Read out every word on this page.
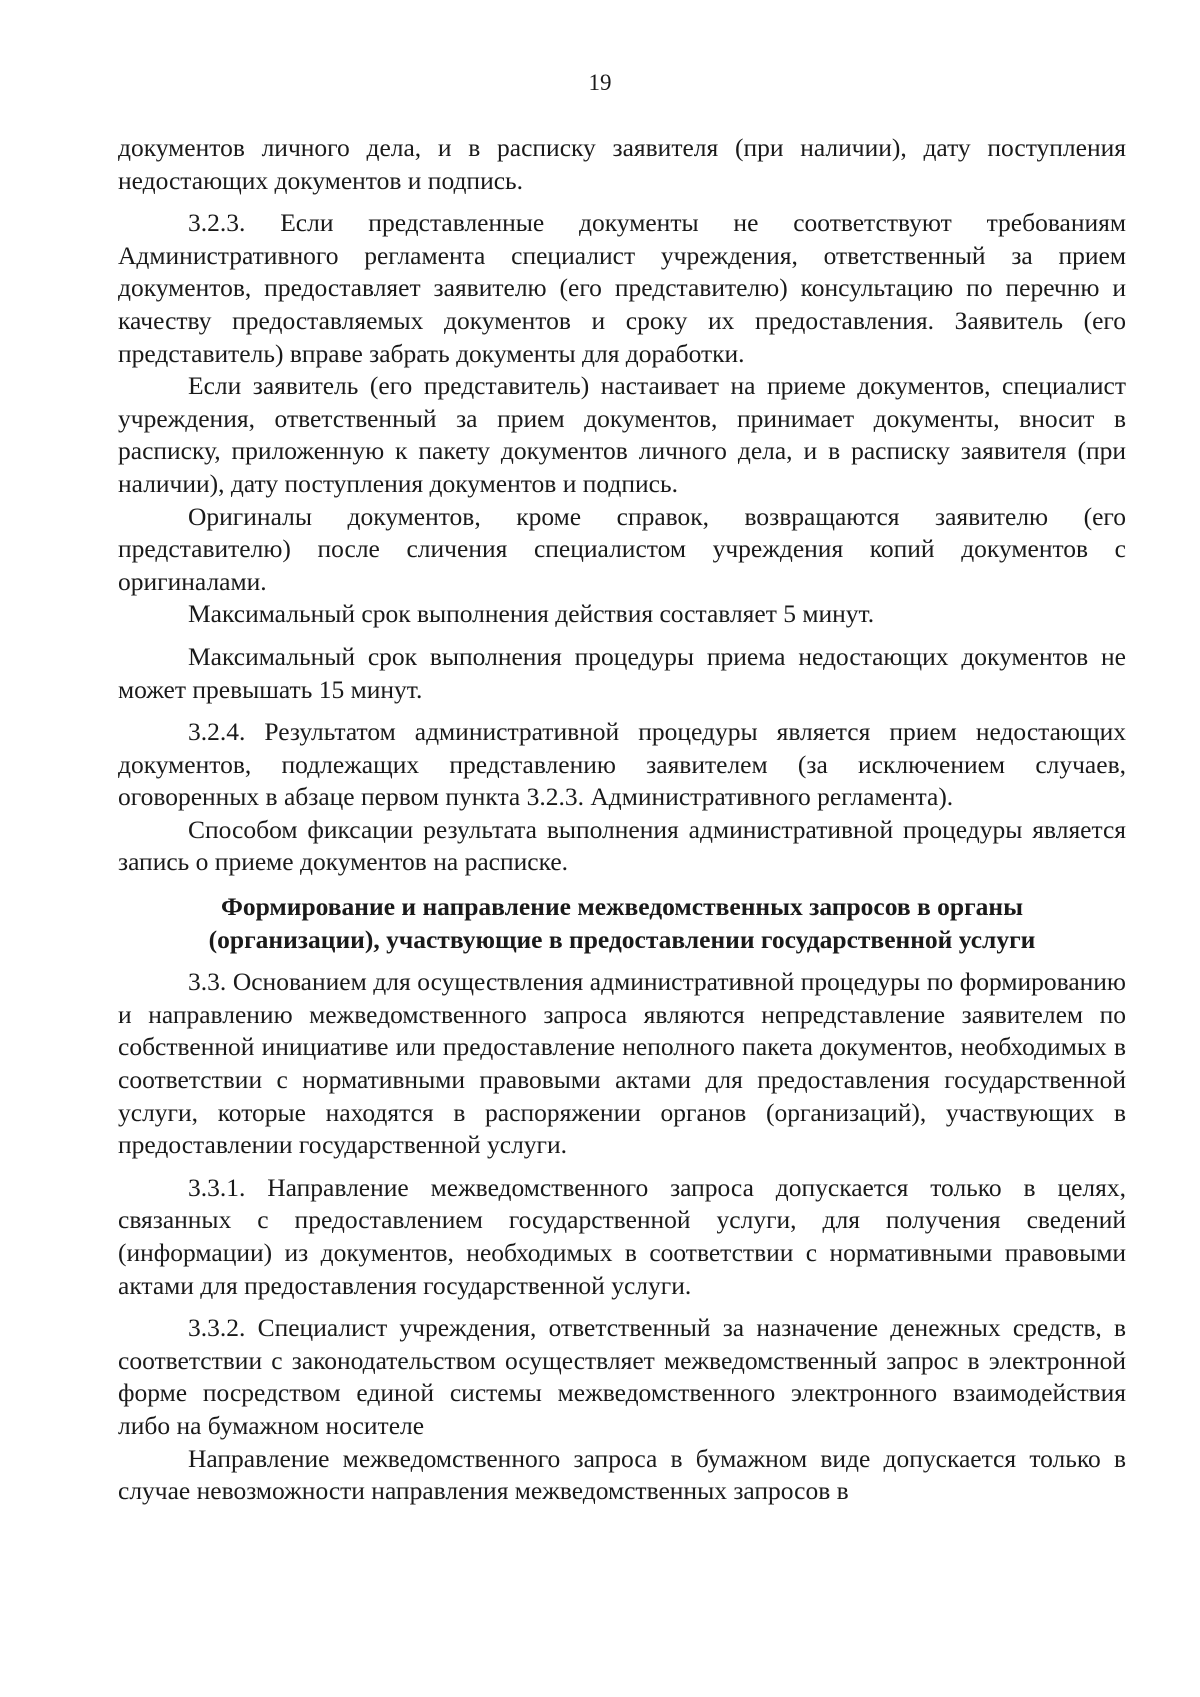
19

документов личного дела, и в расписку заявителя (при наличии), дату поступления недостающих документов и подпись.

3.2.3. Если представленные документы не соответствуют требованиям Административного регламента специалист учреждения, ответственный за прием документов, предоставляет заявителю (его представителю) консультацию по перечню и качеству предоставляемых документов и сроку их предоставления. Заявитель (его представитель) вправе забрать документы для доработки.

Если заявитель (его представитель) настаивает на приеме документов, специалист учреждения, ответственный за прием документов, принимает документы, вносит в расписку, приложенную к пакету документов личного дела, и в расписку заявителя (при наличии), дату поступления документов и подпись.

Оригиналы документов, кроме справок, возвращаются заявителю (его представителю) после сличения специалистом учреждения копий документов с оригиналами.

Максимальный срок выполнения действия составляет 5 минут.

Максимальный срок выполнения процедуры приема недостающих документов не может превышать 15 минут.

3.2.4. Результатом административной процедуры является прием недостающих документов, подлежащих представлению заявителем (за исключением случаев, оговоренных в абзаце первом пункта 3.2.3. Административного регламента).

Способом фиксации результата выполнения административной процедуры является запись о приеме документов на расписке.

Формирование и направление межведомственных запросов в органы
(организации), участвующие в предоставлении государственной услуги

3.3. Основанием для осуществления административной процедуры по формированию и направлению межведомственного запроса являются непредставление заявителем по собственной инициативе или предоставление неполного пакета документов, необходимых в соответствии с нормативными правовыми актами для предоставления государственной услуги, которые находятся в распоряжении органов (организаций), участвующих в предоставлении государственной услуги.

3.3.1. Направление межведомственного запроса допускается только в целях, связанных с предоставлением государственной услуги, для получения сведений (информации) из документов, необходимых в соответствии с нормативными правовыми актами для предоставления государственной услуги.

3.3.2. Специалист учреждения, ответственный за назначение денежных средств, в соответствии с законодательством осуществляет межведомственный запрос в электронной форме посредством единой системы межведомственного электронного взаимодействия либо на бумажном носителе

Направление межведомственного запроса в бумажном виде допускается только в случае невозможности направления межведомственных запросов в
